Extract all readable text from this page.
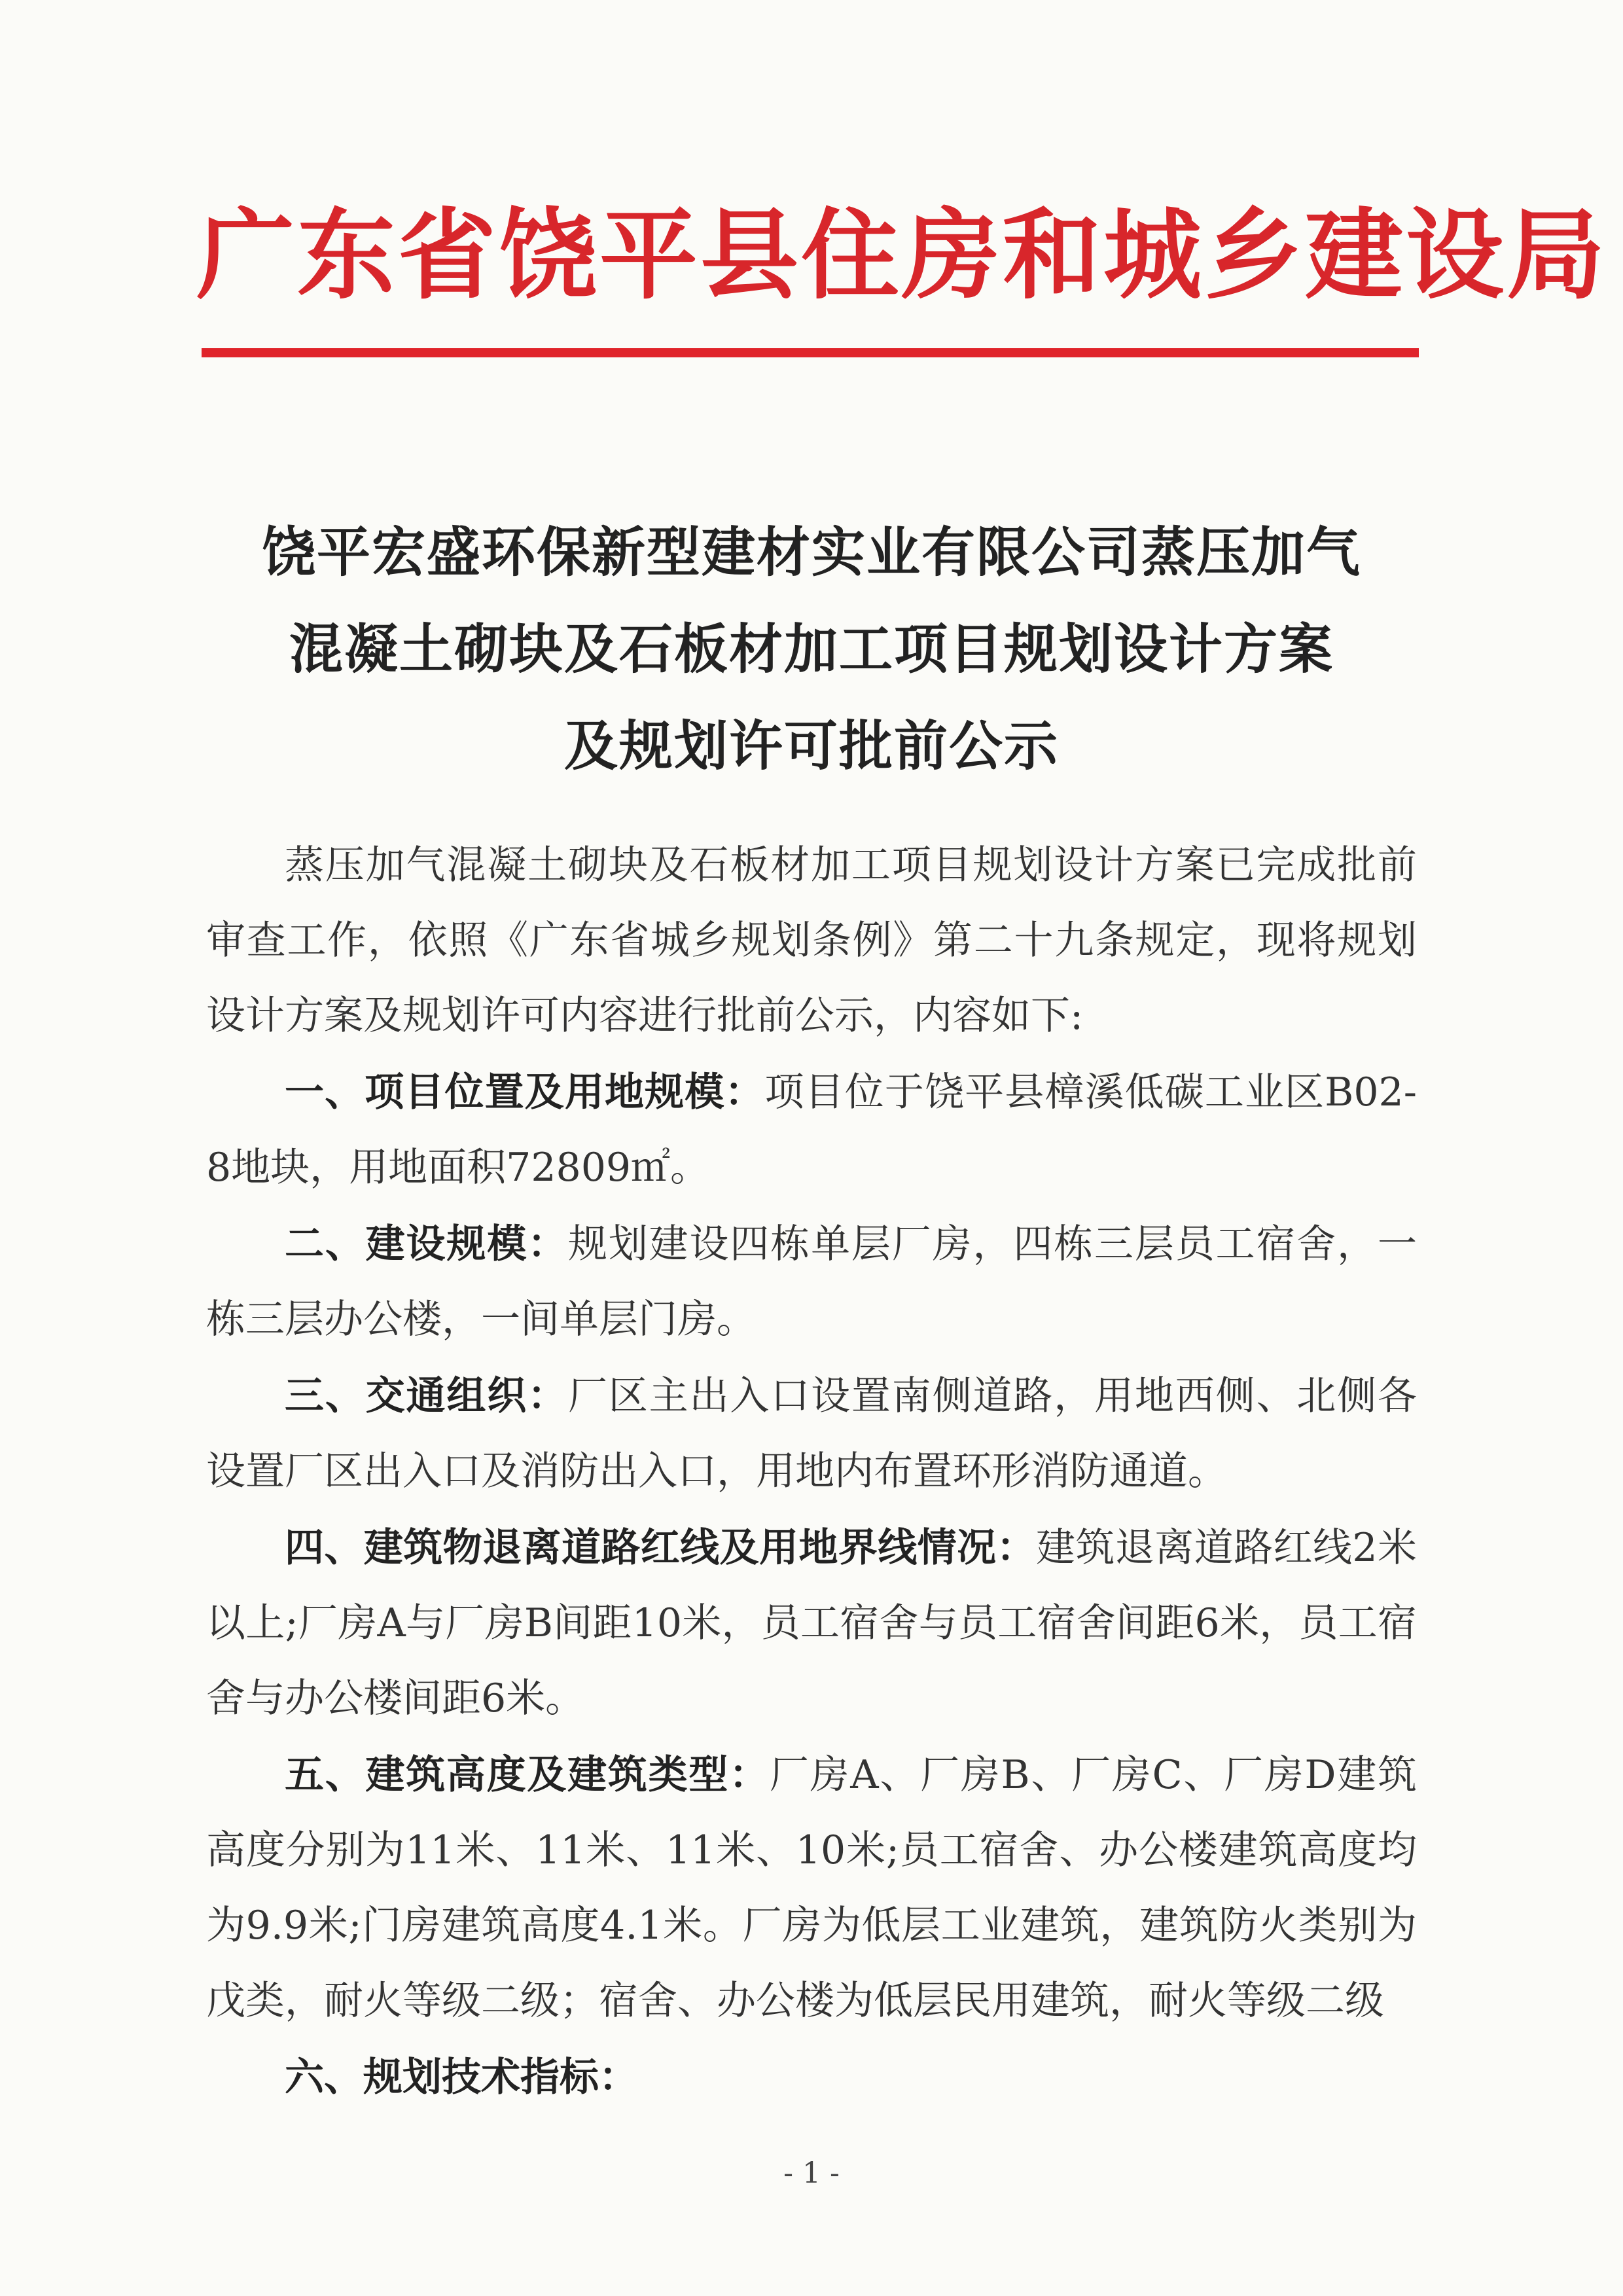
广东省饶平县住房和城乡建设局
饶平宏盛环保新型建材实业有限公司蒸压加气
混凝土砌块及石板材加工项目规划设计方案
及规划许可批前公示

蒸压加气混凝土砌块及石板材加工项目规划设计方案已完成批前审查工作，依照《广东省城乡规划条例》第二十九条规定，现将规划设计方案及规划许可内容进行批前公示，内容如下:

一、项目位置及用地规模：项目位于饶平县樟溪低碳工业区B02-8地块，用地面积72809㎡。

二、建设规模：规划建设四栋单层厂房，四栋三层员工宿舍，一栋三层办公楼，一间单层门房。

三、交通组织：厂区主出入口设置南侧道路，用地西侧、北侧各设置厂区出入口及消防出入口，用地内布置环形消防通道。

四、建筑物退离道路红线及用地界线情况：建筑退离道路红线2米以上;厂房A与厂房B间距10米，员工宿舍与员工宿舍间距6米，员工宿舍与办公楼间距6米。

五、建筑高度及建筑类型：厂房A、厂房B、厂房C、厂房D建筑高度分别为11米、11米、11米、10米;员工宿舍、办公楼建筑高度均为9.9米;门房建筑高度4.1米。厂房为低层工业建筑，建筑防火类别为戊类，耐火等级二级；宿舍、办公楼为低层民用建筑，耐火等级二级

六、规划技术指标：

- 1 -
